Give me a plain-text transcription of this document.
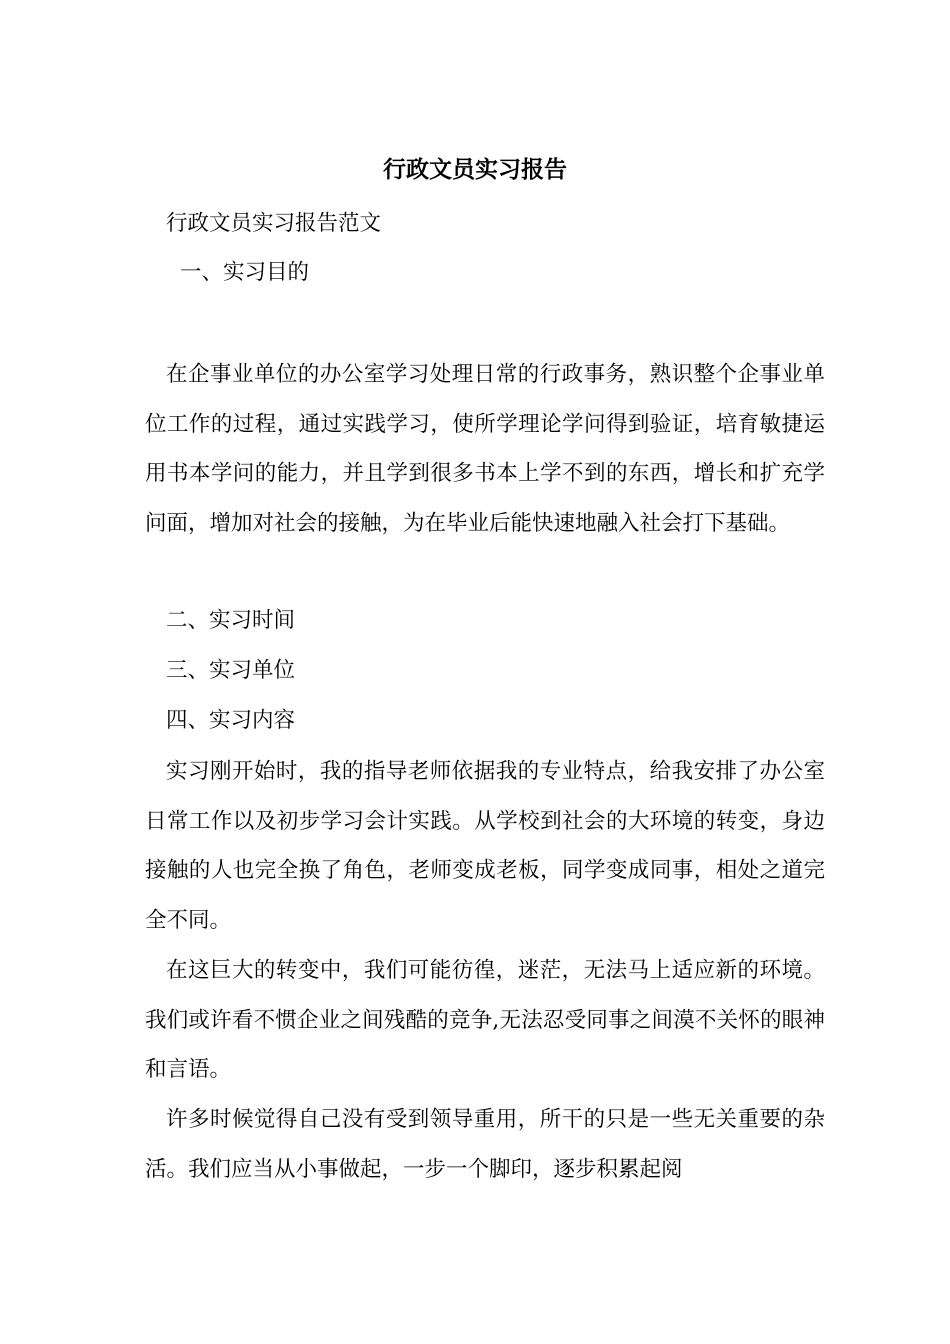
行政文员实习报告
行政文员实习报告范文
一、实习目的
在企事业单位的办公室学习处理日常的行政事务，熟识整个企事业单位工作的过程，通过实践学习，使所学理论学问得到验证，培育敏捷运用书本学问的能力，并且学到很多书本上学不到的东西，增长和扩充学问面，增加对社会的接触，为在毕业后能快速地融入社会打下基础。
二、实习时间
三、实习单位
四、实习内容
实习刚开始时，我的指导老师依据我的专业特点，给我安排了办公室日常工作以及初步学习会计实践。从学校到社会的大环境的转变，身边接触的人也完全换了角色，老师变成老板，同学变成同事，相处之道完全不同。
在这巨大的转变中，我们可能彷徨，迷茫，无法马上适应新的环境。我们或许看不惯企业之间残酷的竞争,无法忍受同事之间漠不关怀的眼神和言语。
许多时候觉得自己没有受到领导重用，所干的只是一些无关重要的杂活。我们应当从小事做起，一步一个脚印，逐步积累起阅
